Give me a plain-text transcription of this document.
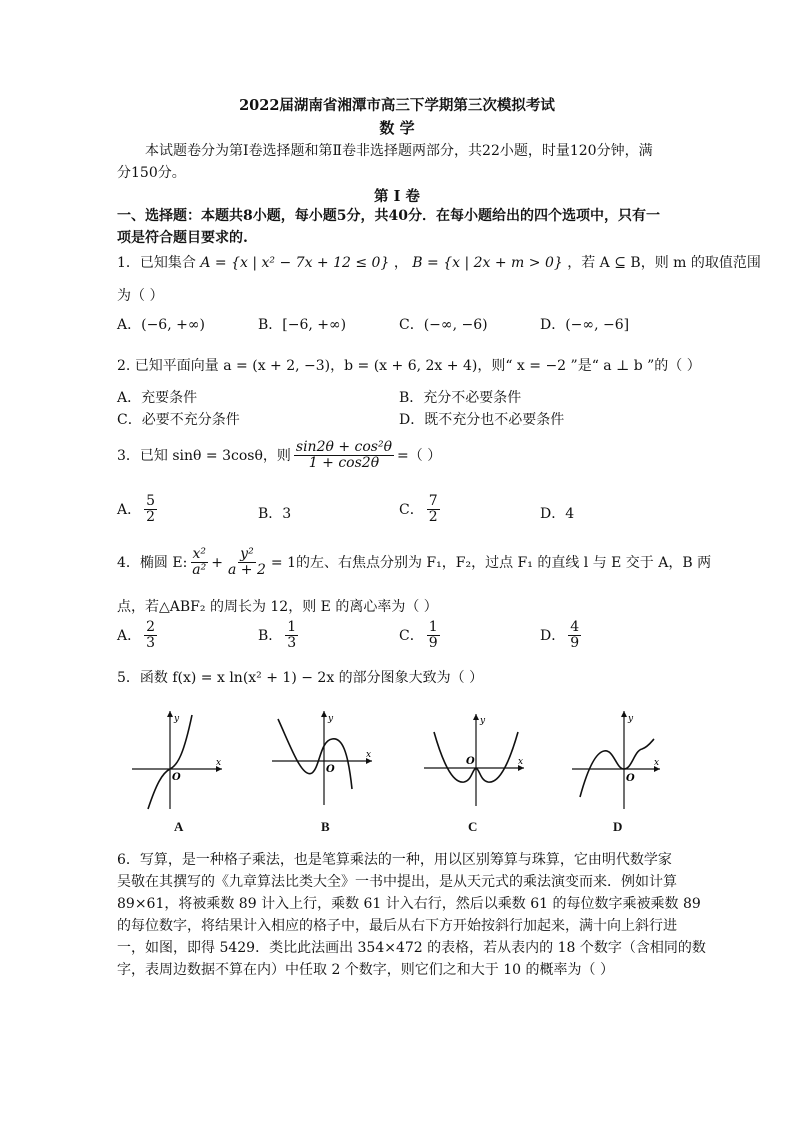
2022届湖南省湘潭市高三下学期第三次模拟考试
数 学
本试题卷分为第Ⅰ卷选择题和第Ⅱ卷非选择题两部分，共22小题，时量120分钟，满
分150分。
第 Ⅰ 卷
一、选择题：本题共8小题，每小题5分，共40分．在每小题给出的四个选项中，只有一
项是符合题目要求的.
1．已知集合 A = {x | x² − 7x + 12 ≤ 0} ， B = {x | 2x + m > 0} ，若 A ⊆ B，则 m 的取值范围
为（ ）
A．(−6, +∞)	B．[−6, +∞)	C．(−∞, −6)	D．(−∞, −6]
2. 已知平面向量 a = (x + 2, −3)，b = (x + 6, 2x + 4)，则“ x = −2 ”是“ a ⊥ b ”的（ ）
A．充要条件	B．充分不必要条件
C．必要不充分条件	D．既不充分也不必要条件
3．已知 sinθ = 3cosθ，则 $\frac{\text{sin2θ + cos²θ}}{1 + \cos 2\theta}$ =（ ）
A． $\frac{5}{2}$	B．3	C． $\frac{7}{2}$	D．4
4．椭圆 E: $\frac{\text{x²}}{\text{a²}} + \frac{\text{y²}}{a + 2} = 1$ 的左、右焦点分别为 F₁，F₂，过点 F₁ 的直线 l 与 E 交于 A，B 两
点，若△ABF₂ 的周长为 12，则 E 的离心率为（ ）
A． $\frac{2}{3}$	B． $\frac{1}{3}$	C． $\frac{1}{9}$	D． $\frac{4}{9}$
5．函数 f(x) = x ln(x² + 1) − 2x 的部分图象大致为（ ）
y
x
O
A
y
x
O
B
y
x
O
C
y
x
O
D
6．写算，是一种格子乘法，也是笔算乘法的一种，用以区别筹算与珠算，它由明代数学家
吴敬在其撰写的《九章算法比类大全》一书中提出，是从天元式的乘法演变而来．例如计算
89×61，将被乘数 89 计入上行，乘数 61 计入右行，然后以乘数 61 的每位数字乘被乘数 89
的每位数字，将结果计入相应的格子中，最后从右下方开始按斜行加起来，满十向上斜行进
一，如图，即得 5429．类比此法画出 354×472 的表格，若从表内的 18 个数字（含相同的数
字，表周边数据不算在内）中任取 2 个数字，则它们之和大于 10 的概率为（ ）
